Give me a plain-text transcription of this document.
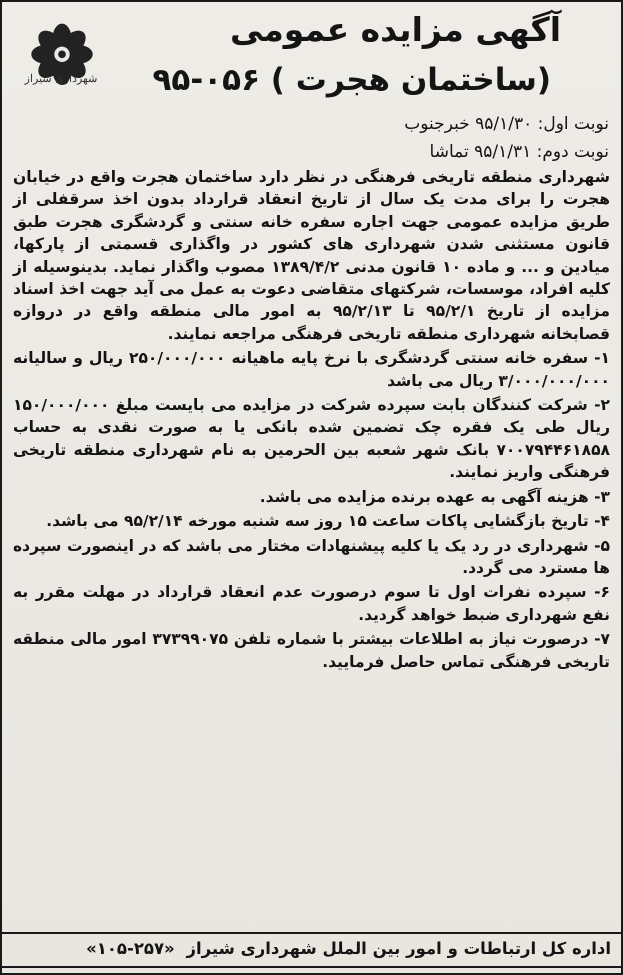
شهرداری شیراز
آگهی مزایده عمومی
(ساختمان هجرت ) ۰۵۶-۹۵
نوبت اول: ۹۵/۱/۳۰ خبرجنوب
نوبت دوم: ۹۵/۱/۳۱ تماشا

شهرداری منطقه تاریخی فرهنگی در نظر دارد ساختمان هجرت واقع در خیابان هجرت را برای مدت یک سال از تاریخ انعقاد قرارداد بدون اخذ سرقفلی از طریق مزایده عمومی جهت اجاره سفره خانه سنتی و گردشگری هجرت طبق قانون مستثنی شدن شهرداری های کشور در واگذاری قسمتی از پارکها، میادین و ... و ماده ۱۰ قانون مدنی ۱۳۸۹/۴/۲ مصوب واگذار نماید. بدینوسیله از کلیه افراد، موسسات، شرکتهای متقاضی دعوت به عمل می آید جهت اخذ اسناد مزایده از تاریخ ۹۵/۲/۱ تا ۹۵/۲/۱۳ به امور مالی منطقه واقع در دروازه قصابخانه شهرداری منطقه تاریخی فرهنگی مراجعه نمایند.

۱- سفره خانه سنتی گردشگری با نرخ پایه ماهیانه ۲۵۰/۰۰۰/۰۰۰ ریال و سالیانه ۳/۰۰۰/۰۰۰/۰۰۰ ریال می باشد

۲- شرکت کنندگان بابت سپرده شرکت در مزایده می بایست مبلغ ۱۵۰/۰۰۰/۰۰۰ ریال طی یک فقره چک تضمین شده بانکی یا به صورت نقدی به حساب ۷۰۰۷۹۴۴۶۱۸۵۸ بانک شهر شعبه بین الحرمین به نام شهرداری منطقه تاریخی فرهنگی واریز نمایند.

۳- هزینه آگهی به عهده برنده مزایده می باشد.

۴- تاریخ بازگشایی پاکات ساعت ۱۵ روز سه شنبه مورخه ۹۵/۲/۱۴ می باشد.

۵- شهرداری در رد یک یا کلیه پیشنهادات مختار می باشد که در اینصورت سپرده ها مسترد می گردد.

۶- سپرده نفرات اول تا سوم درصورت عدم انعقاد قرارداد در مهلت مقرر به نفع شهرداری ضبط خواهد گردید.

۷- درصورت نیاز به اطلاعات بیشتر با شماره تلفن ۳۷۳۹۹۰۷۵ امور مالی منطقه تاریخی فرهنگی تماس حاصل فرمایید.

اداره کل ارتباطات و امور بین الملل شهرداری شیراز «۲۵۷-۱۰۵»
